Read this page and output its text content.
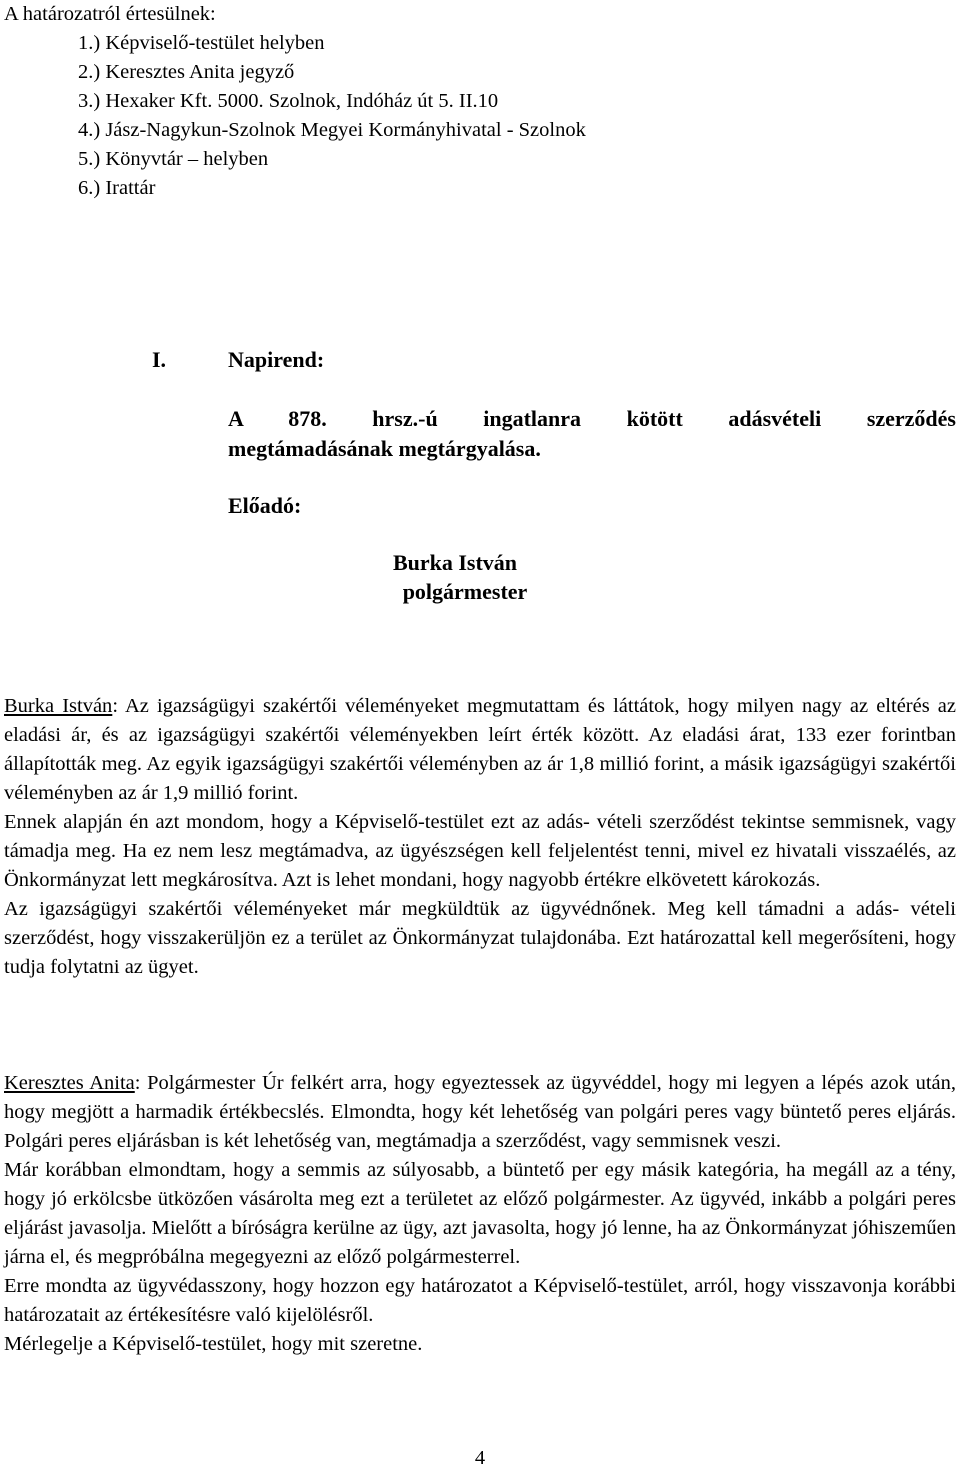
A határozatról értesülnek:
1.) Képviselő-testület helyben
2.) Keresztes Anita jegyző
3.) Hexaker Kft. 5000. Szolnok, Indóház út 5. II.10
4.) Jász-Nagykun-Szolnok Megyei Kormányhivatal - Szolnok
5.) Könyvtár – helyben
6.) Irattár
I.	Napirend:
A 878. hrsz.-ú ingatlanra kötött adásvételi szerződés
megtámadásának megtárgyalása.
Előadó:
Burka István
polgármester

Burka István: Az igazságügyi szakértői véleményeket megmutattam és láttátok, hogy milyen nagy az eltérés az eladási ár, és az igazságügyi szakértői véleményekben leírt érték között. Az eladási árat, 133 ezer forintban állapították meg. Az egyik igazságügyi szakértői véleményben az ár 1,8 millió forint, a másik igazságügyi szakértői véleményben az ár 1,9 millió forint.

Ennek alapján én azt mondom, hogy a Képviselő-testület ezt az adás- vételi szerződést tekintse semmisnek, vagy támadja meg. Ha ez nem lesz megtámadva, az ügyészségen kell feljelentést tenni, mivel ez hivatali visszaélés, az Önkormányzat lett megkárosítva. Azt is lehet mondani, hogy nagyobb értékre elkövetett károkozás.

Az igazságügyi szakértői véleményeket már megküldtük az ügyvédnőnek. Meg kell támadni a adás- vételi szerződést, hogy visszakerüljön ez a terület az Önkormányzat tulajdonába. Ezt határozattal kell megerősíteni, hogy tudja folytatni az ügyet.

Keresztes Anita: Polgármester Úr felkért arra, hogy egyeztessek az ügyvéddel, hogy mi legyen a lépés azok után, hogy megjött a harmadik értékbecslés. Elmondta, hogy két lehetőség van polgári peres vagy büntető peres eljárás. Polgári peres eljárásban is két lehetőség van, megtámadja a szerződést, vagy semmisnek veszi.

Már korábban elmondtam, hogy a semmis az súlyosabb, a büntető per egy másik kategória, ha megáll az a tény, hogy jó erkölcsbe ütközően vásárolta meg ezt a területet az előző polgármester. Az ügyvéd, inkább a polgári peres eljárást javasolja. Mielőtt a bíróságra kerülne az ügy, azt javasolta, hogy jó lenne, ha az Önkormányzat jóhiszeműen járna el, és megpróbálna megegyezni az előző polgármesterrel.

Erre mondta az ügyvédasszony, hogy hozzon egy határozatot a Képviselő-testület, arról, hogy visszavonja korábbi határozatait az értékesítésre való kijelölésről.

Mérlegelje a Képviselő-testület, hogy mit szeretne.

4
